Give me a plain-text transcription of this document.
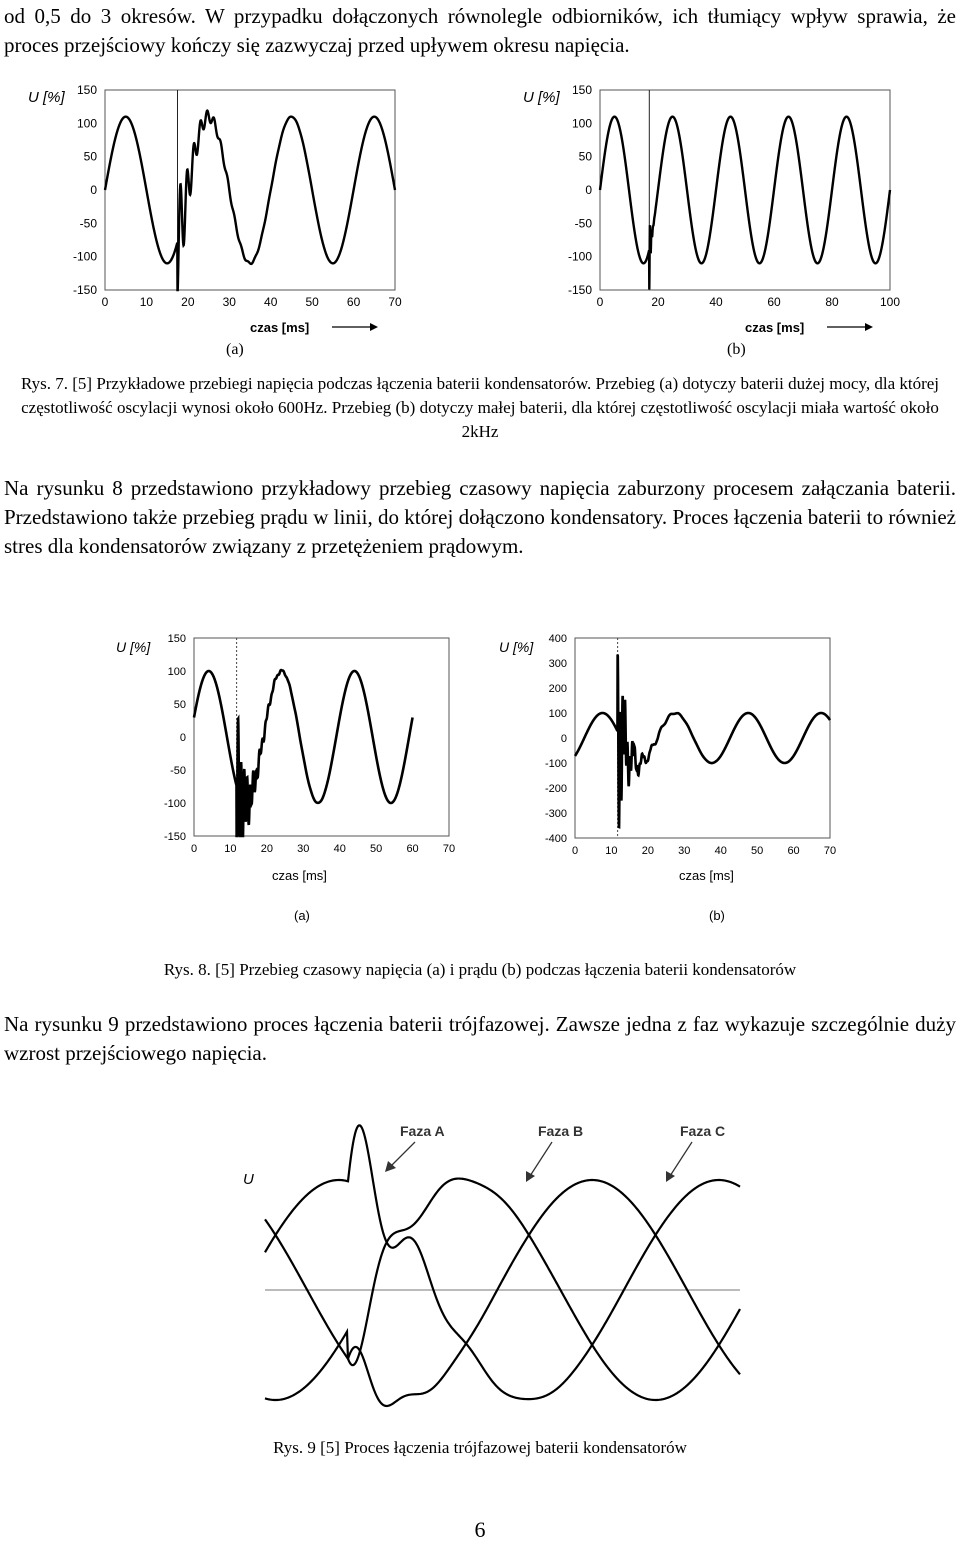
od 0,5 do 3 okresów. W przypadku dołączonych równolegle odbiorników, ich tłumiący wpływ sprawia, że proces przejściowy kończy się zazwyczaj przed upływem okresu napięcia.
150
100
50
0
-50
-100
-150
0	10 20 30 40 50 60 70
U [%]
czas [ms]
150
100
50
0
-50
-100
-150
0	20	40	60	80	100
U [%]
czas [ms]
(a)	(b)
Rys. 7. [5] Przykładowe przebiegi napięcia podczas łączenia baterii kondensatorów. Przebieg (a) dotyczy baterii dużej mocy, dla której częstotliwość oscylacji wynosi około 600Hz. Przebieg (b) dotyczy małej baterii, dla której częstotliwość oscylacji miała wartość około 2kHz
Na rysunku 8 przedstawiono przykładowy przebieg czasowy napięcia zaburzony procesem załączania baterii. Przedstawiono także przebieg prądu w linii, do której dołączono kondensatory. Proces łączenia baterii to również stres dla kondensatorów związany z przetężeniem prądowym.
150
100
50
0
-50
-100
-150
0 10 20 30 40 50 60 70
U [%]
czas [ms]
(a)
400
300
200
100
0
-100
-200
-300
-400
0 10 20 30 40 50 60 70
U [%]
czas [ms]
(b)
Rys. 8. [5] Przebieg czasowy napięcia (a) i prądu (b) podczas łączenia baterii kondensatorów
Na rysunku 9 przedstawiono proces łączenia baterii trójfazowej. Zawsze jedna z faz wykazuje szczególnie duży wzrost przejściowego napięcia.
U
Faza A	Faza B	Faza C
Rys. 9 [5] Proces łączenia trójfazowej baterii kondensatorów
6
